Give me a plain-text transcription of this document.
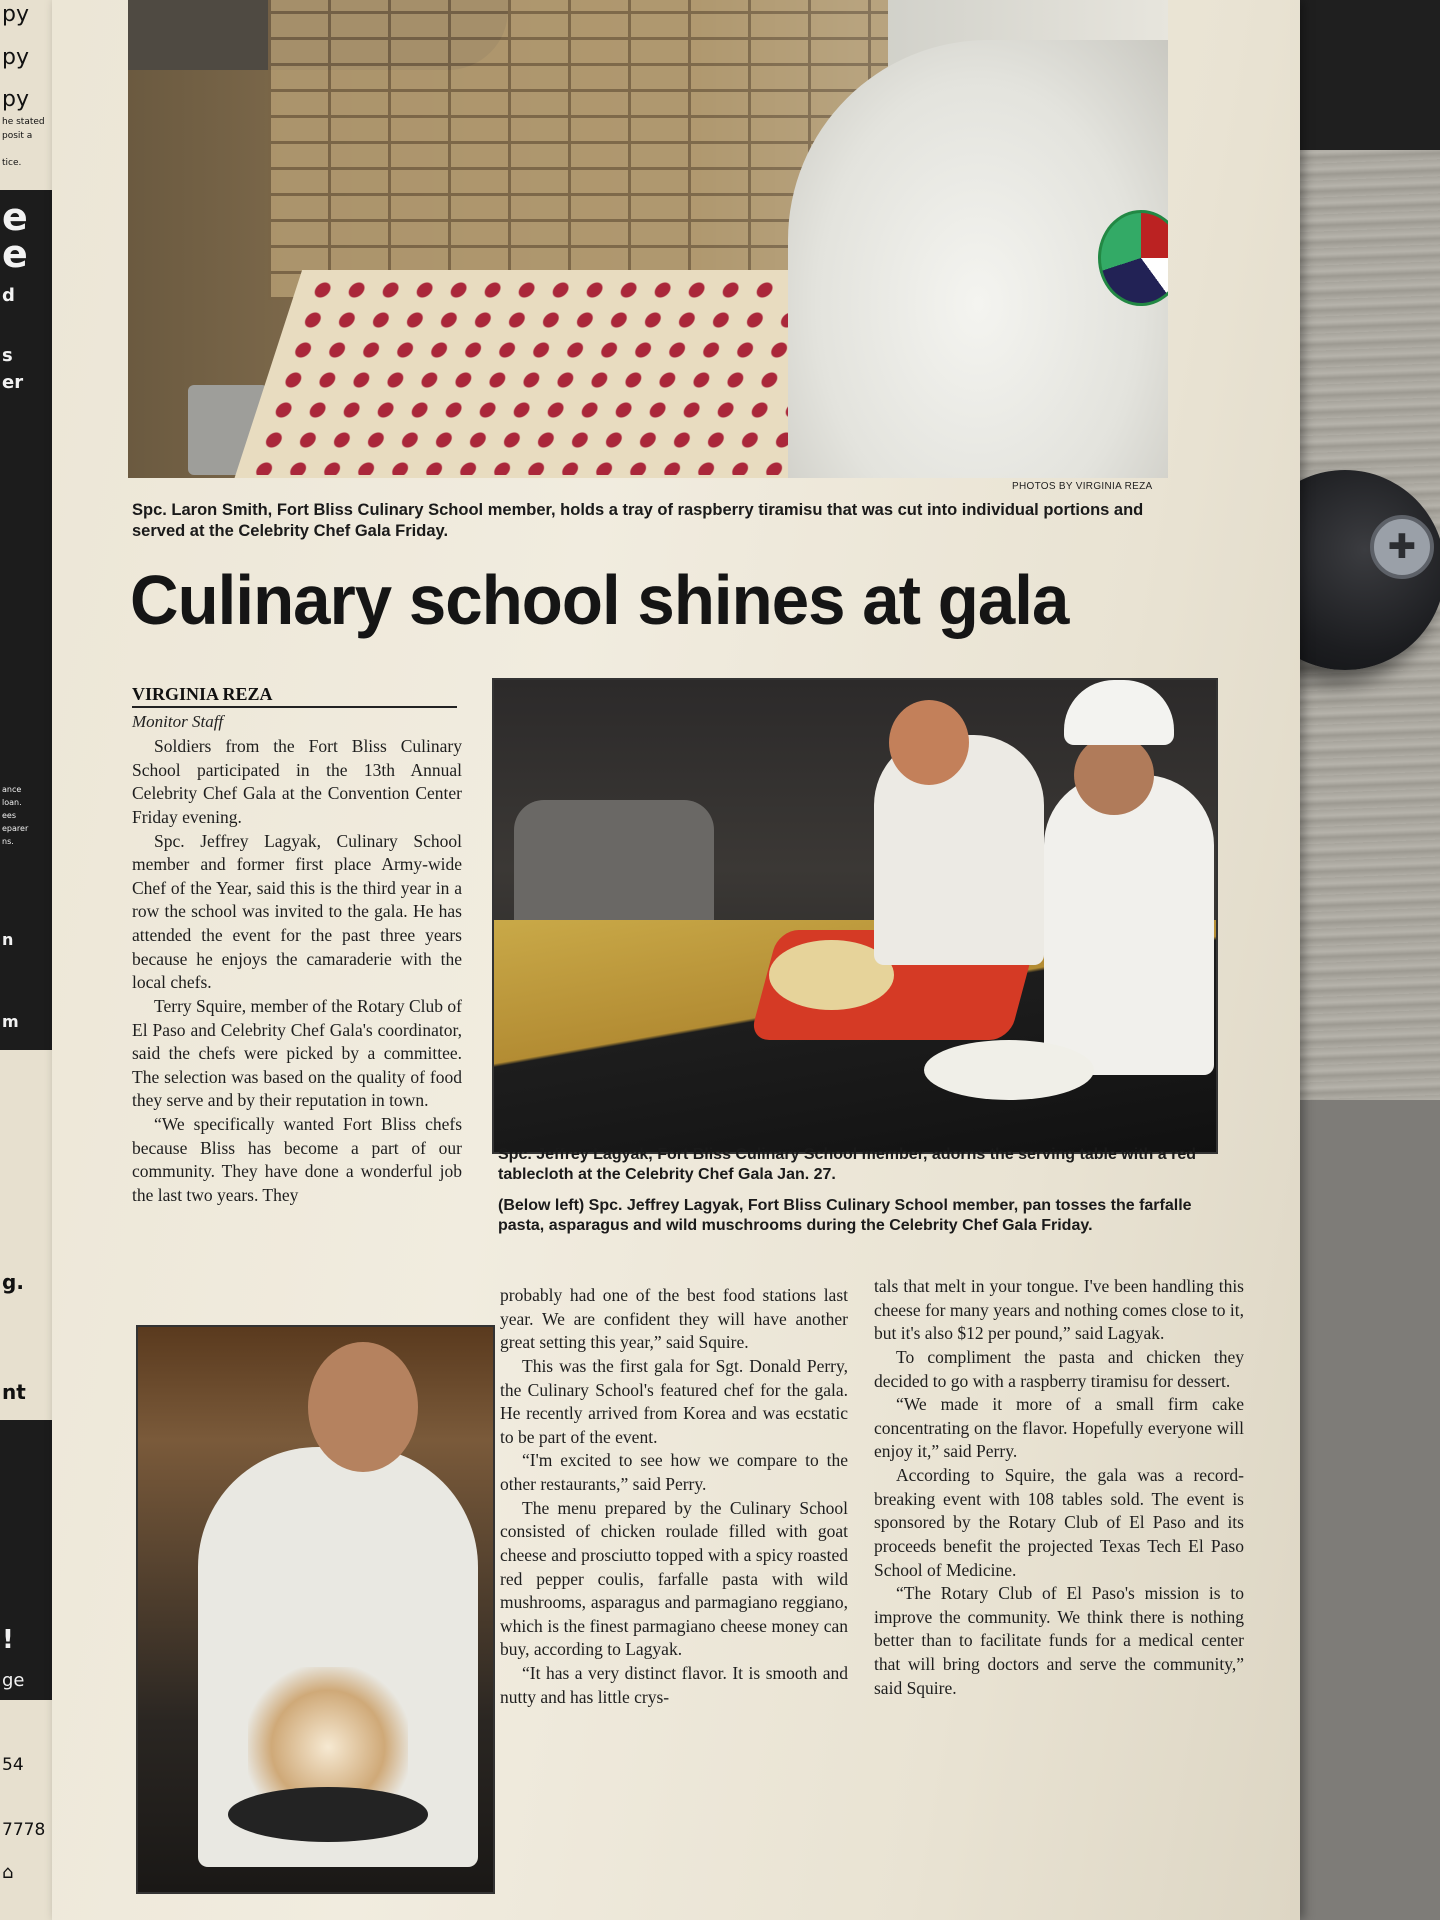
✚
py
py
py
he stated
posit a
tice.
e
e
d
s
er
ance
loan.
ees
eparer
ns.
n
m
g.
nt
!
ge
54
7778
⌂
PHOTOS BY VIRGINIA REZA
Spc. Laron Smith, Fort Bliss Culinary School member, holds a tray of raspberry tiramisu that was cut into individual portions and served at the Celebrity Chef Gala Friday.
Culinary school shines at gala
VIRGINIA REZA
Monitor Staff

Soldiers from the Fort Bliss Culinary School participated in the 13th Annual Celebrity Chef Gala at the Convention Center Friday evening.

Spc. Jeffrey Lagyak, Culinary School member and former first place Army-wide Chef of the Year, said this is the third year in a row the school was invited to the gala. He has attended the event for the past three years because he enjoys the camaraderie with the local chefs.

Terry Squire, member of the Rotary Club of El Paso and Celebrity Chef Gala's coordinator, said the chefs were picked by a committee. The selection was based on the quality of food they serve and by their reputation in town.

“We specifically wanted Fort Bliss chefs because Bliss has become a part of our community. They have done a wonderful job the last two years. They

Spc. Jeffrey Lagyak, Fort Bliss Culinary School member, adorns the serving table with a red tablecloth at the Celebrity Chef Gala Jan. 27.
(Below left) Spc. Jeffrey Lagyak, Fort Bliss Culinary School member, pan tosses the farfalle pasta, asparagus and wild muschrooms during the Celebrity Chef Gala Friday.

probably had one of the best food stations last year. We are confident they will have another great setting this year,” said Squire.

This was the first gala for Sgt. Donald Perry, the Culinary School's featured chef for the gala. He recently arrived from Korea and was ecstatic to be part of the event.

“I'm excited to see how we compare to the other restaurants,” said Perry.

The menu prepared by the Culinary School consisted of chicken roulade filled with goat cheese and prosciutto topped with a spicy roasted red pepper coulis, farfalle pasta with wild mushrooms, asparagus and parmagiano reggiano, which is the finest parmagiano cheese money can buy, according to Lagyak.

“It has a very distinct flavor. It is smooth and nutty and has little crys-

tals that melt in your tongue. I've been handling this cheese for many years and nothing comes close to it, but it's also $12 per pound,” said Lagyak.

To compliment the pasta and chicken they decided to go with a raspberry tiramisu for dessert.

“We made it more of a small firm cake concentrating on the flavor. Hopefully everyone will enjoy it,” said Perry.

According to Squire, the gala was a record-breaking event with 108 tables sold. The event is sponsored by the Rotary Club of El Paso and its proceeds benefit the projected Texas Tech El Paso School of Medicine.

“The Rotary Club of El Paso's mission is to improve the community. We think there is nothing better than to facilitate funds for a medical center that will bring doctors and serve the community,” said Squire.
